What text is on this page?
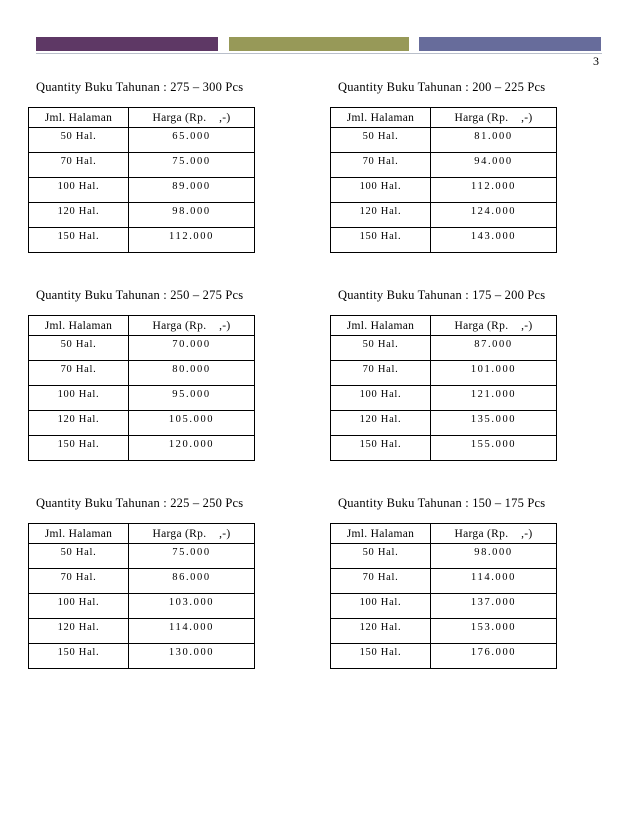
3

Quantity Buku Tahunan : 275 – 300 Pcs

Jml. Halaman	Harga (Rp.    ,-)
50 Hal.	65.000
70 Hal.	75.000
100 Hal.	89.000
120 Hal.	98.000
150 Hal.	112.000

Quantity Buku Tahunan : 200 – 225 Pcs

Jml. Halaman	Harga (Rp.    ,-)
50 Hal.	81.000
70 Hal.	94.000
100 Hal.	112.000
120 Hal.	124.000
150 Hal.	143.000

Quantity Buku Tahunan : 250 – 275 Pcs

Jml. Halaman	Harga (Rp.    ,-)
50 Hal.	70.000
70 Hal.	80.000
100 Hal.	95.000
120 Hal.	105.000
150 Hal.	120.000

Quantity Buku Tahunan : 175 – 200 Pcs

Jml. Halaman	Harga (Rp.    ,-)
50 Hal.	87.000
70 Hal.	101.000
100 Hal.	121.000
120 Hal.	135.000
150 Hal.	155.000

Quantity Buku Tahunan : 225 – 250 Pcs

Jml. Halaman	Harga (Rp.    ,-)
50 Hal.	75.000
70 Hal.	86.000
100 Hal.	103.000
120 Hal.	114.000
150 Hal.	130.000

Quantity Buku Tahunan : 150 – 175 Pcs

Jml. Halaman	Harga (Rp.    ,-)
50 Hal.	98.000
70 Hal.	114.000
100 Hal.	137.000
120 Hal.	153.000
150 Hal.	176.000
